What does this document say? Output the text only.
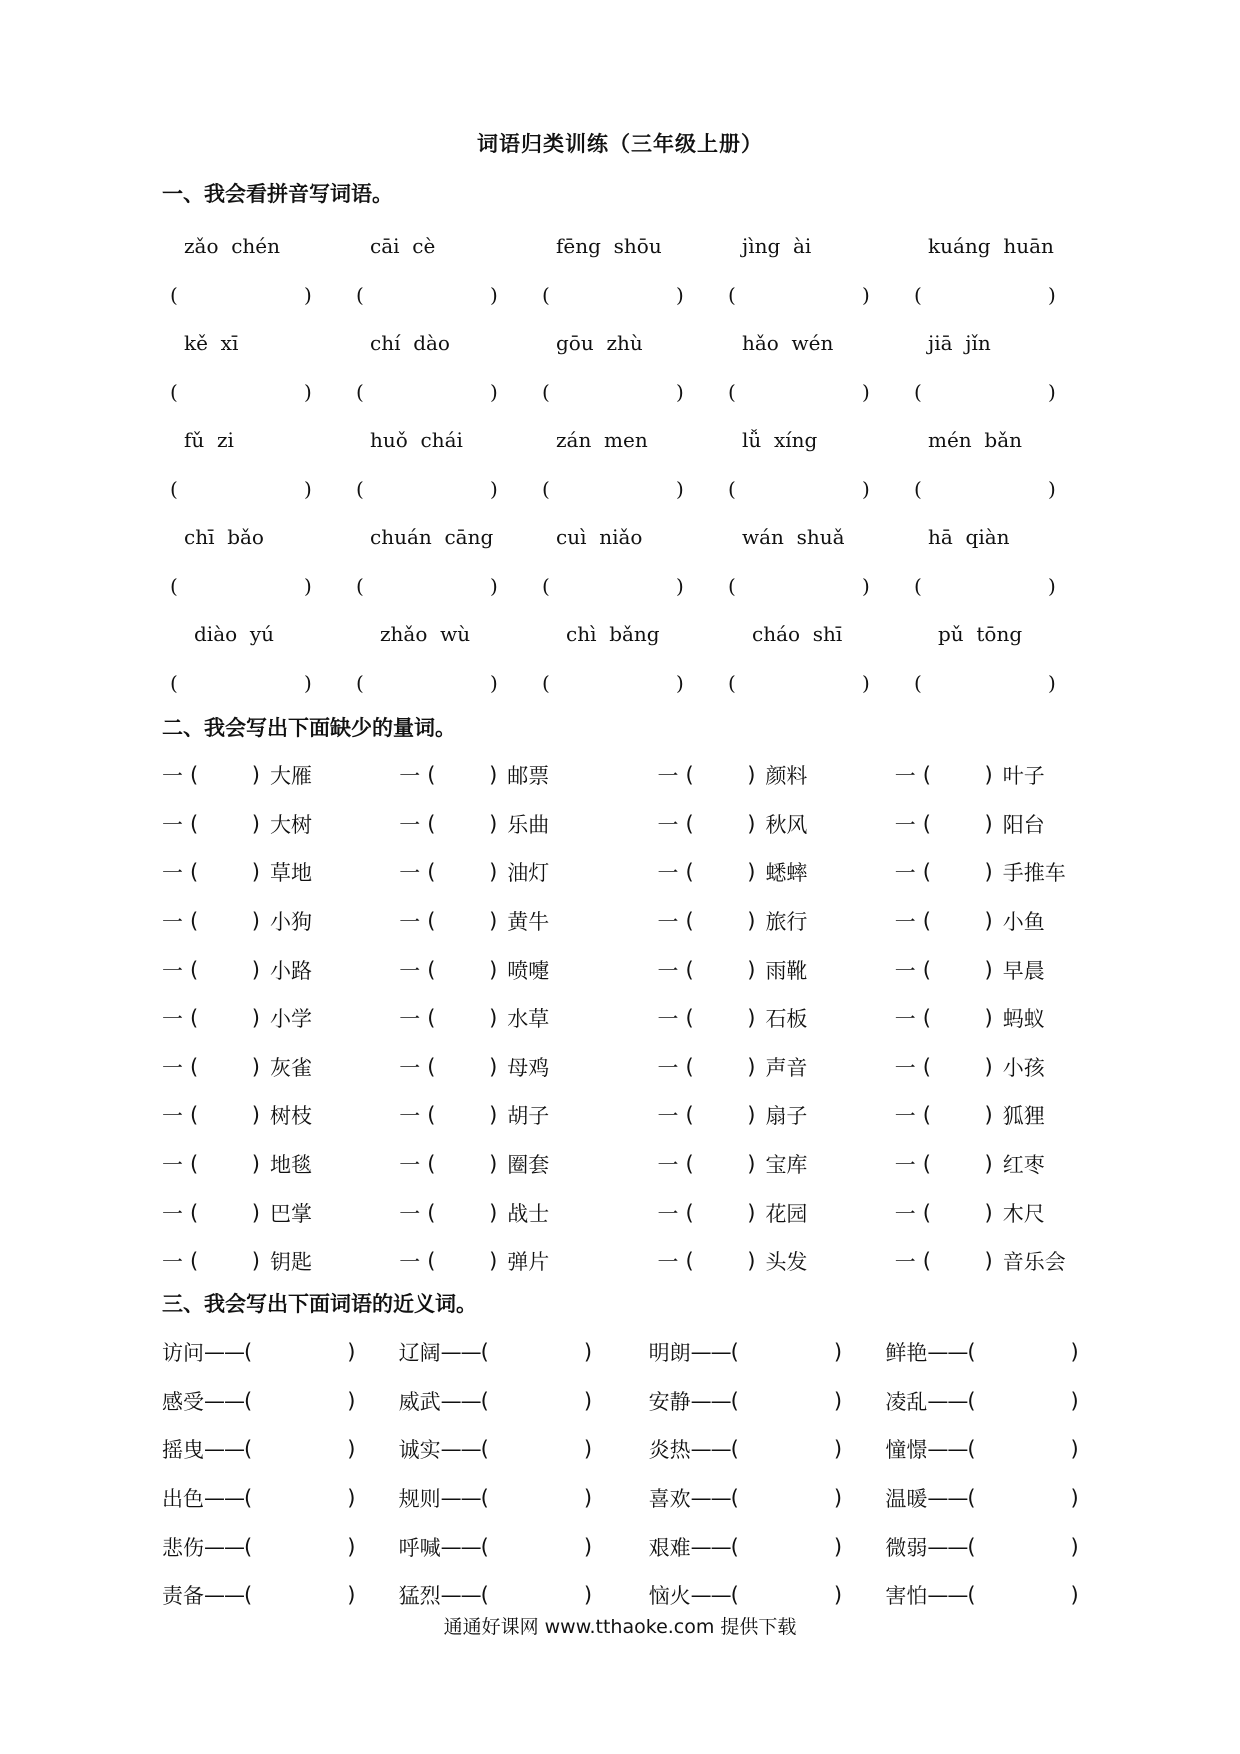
词语归类训练（三年级上册）
一、我会看拼音写词语。
zǎo  chén	cāi  cè	fēng  shōu	jìng  ài	kuáng  huān
(	)	(	)	(	)	(	)	(	)
kě  xī	chí  dào	gōu  zhù	hǎo  wén	jiā  jǐn
(	)	(	)	(	)	(	)	(	)
fǔ  zi	huǒ  chái	zán  men	lǚ  xíng	mén  bǎn
(	)	(	)	(	)	(	)	(	)
chī  bǎo	chuán  cāng	cuì  niǎo	wán  shuǎ	hā  qiàn
(	)	(	)	(	)	(	)	(	)
diào  yú	zhǎo  wù	chì  bǎng	cháo  shī	pǔ  tōng
(	)	(	)	(	)	(	)	(	)
二、我会写出下面缺少的量词。
一 (	) 大雁	一 (	) 邮票	一 (	) 颜料	一 (	) 叶子
一 (	) 大树	一 (	) 乐曲	一 (	) 秋风	一 (	) 阳台
一 (	) 草地	一 (	) 油灯	一 (	) 蟋蟀	一 (	) 手推车
一 (	) 小狗	一 (	) 黄牛	一 (	) 旅行	一 (	) 小鱼
一 (	) 小路	一 (	) 喷嚏	一 (	) 雨靴	一 (	) 早晨
一 (	) 小学	一 (	) 水草	一 (	) 石板	一 (	) 蚂蚁
一 (	) 灰雀	一 (	) 母鸡	一 (	) 声音	一 (	) 小孩
一 (	) 树枝	一 (	) 胡子	一 (	) 扇子	一 (	) 狐狸
一 (	) 地毯	一 (	) 圈套	一 (	) 宝库	一 (	) 红枣
一 (	) 巴掌	一 (	) 战士	一 (	) 花园	一 (	) 木尺
一 (	) 钥匙	一 (	) 弹片	一 (	) 头发	一 (	) 音乐会
三、我会写出下面词语的近义词。
访问 —— (	) 辽阔 —— (	)	明朗 —— (	) 鲜艳 —— (	)
感受 —— (	) 威武 —— (	)	安静 —— (	) 凌乱 —— (	)
摇曳 —— (	) 诚实 —— (	)	炎热 —— (	) 憧憬 —— (	)
出色 —— (	) 规则 —— (	)	喜欢 —— (	) 温暖 —— (	)
悲伤 —— (	) 呼喊 —— (	)	艰难 —— (	) 微弱 —— (	)
责备 —— (	) 猛烈 —— (	)	恼火 —— (	) 害怕 —— (	)
通通好课网 www.tthaoke.com 提供下载
